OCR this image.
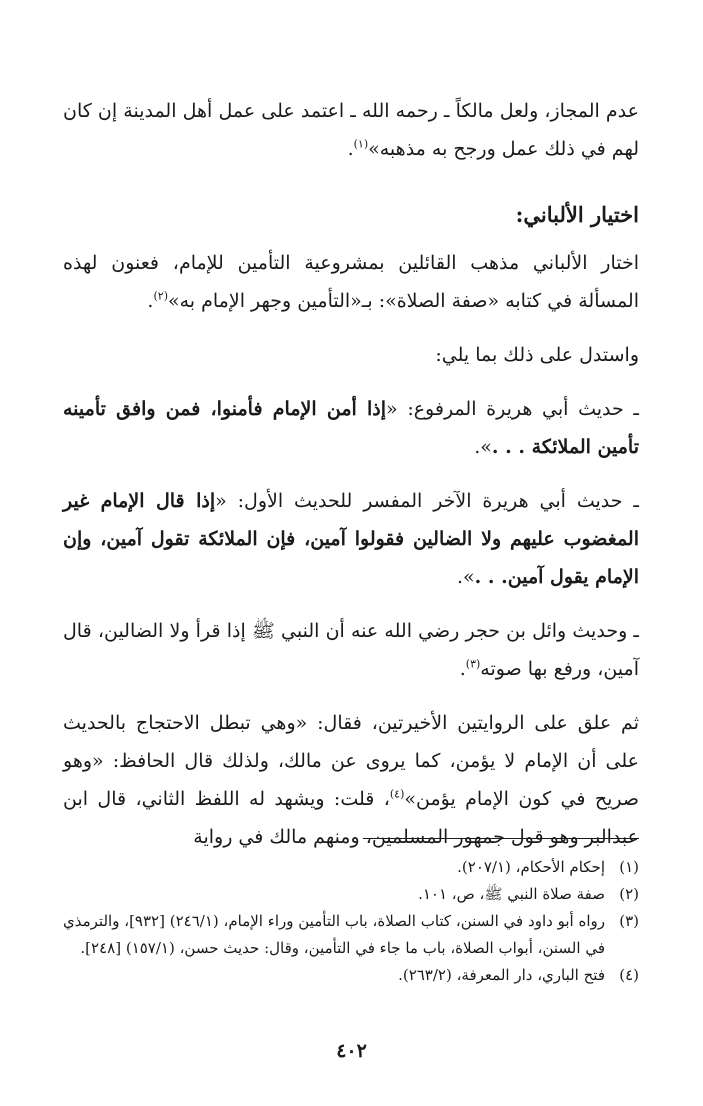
عدم المجاز، ولعل مالكاً ـ رحمه الله ـ اعتمد على عمل أهل المدينة إن كان لهم في ذلك عمل ورجح به مذهبه»$^{(١)}$.

اختيار الألباني:

اختار الألباني مذهب القائلين بمشروعية التأمين للإمام، فعنون لهذه المسألة في كتابه «صفة الصلاة»: بـ«التأمين وجهر الإمام به»$^{(٢)}$.

واستدل على ذلك بما يلي:

ـ حديث أبي هريرة المرفوع: «إذا أمن الإمام فأمنوا، فمن وافق تأمينه تأمين الملائكة . . .».

ـ حديث أبي هريرة الآخر المفسر للحديث الأول: «إذا قال الإمام غير المغضوب عليهم ولا الضالين فقولوا آمين، فإن الملائكة تقول آمين، وإن الإمام يقول آمين. . .».

ـ وحديث وائل بن حجر رضي الله عنه أن النبي ﷺ إذا قرأ ولا الضالين، قال آمين، ورفع بها صوته$^{(٣)}$.

ثم علق على الروايتين الأخيرتين، فقال: «وهي تبطل الاحتجاج بالحديث على أن الإمام لا يؤمن، كما يروى عن مالك، ولذلك قال الحافظ: «وهو صريح في كون الإمام يؤمن»$^{(٤)}$، قلت: ويشهد له اللفظ الثاني، قال ابن عبدالبر وهو قول جمهور المسلمين، ومنهم مالك في رواية

(١)
إحكام الأحكام، (٢٠٧/١).
(٢)
صفة صلاة النبي ﷺ، ص، ١٠١.
(٣)
رواه أبو داود في السنن، كتاب الصلاة، باب التأمين وراء الإمام، (٢٤٦/١) [٩٣٢]، والترمذي في السنن، أبواب الصلاة، باب ما جاء في التأمين، وقال: حديث حسن، (١٥٧/١) [٢٤٨].
(٤)
فتح الباري، دار المعرفة، (٢٦٣/٢).
٤٠٢
